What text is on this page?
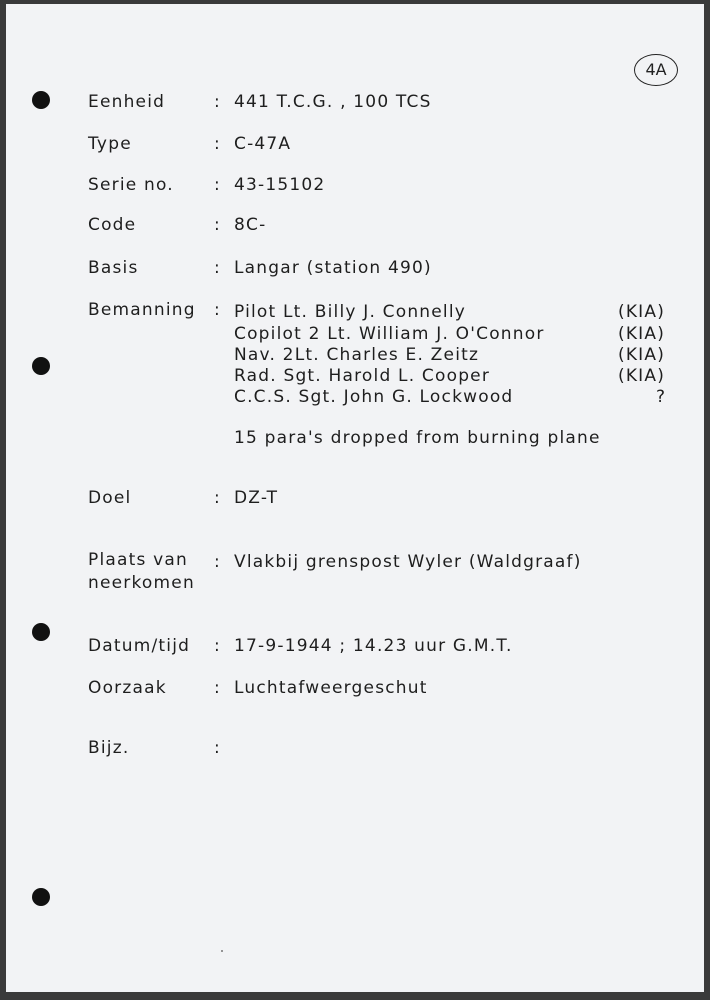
4A
Eenheid	: 441 T.C.G. , 100 TCS
Type	: C-47A
Serie no. : 43-15102
Code	: 8C-
Basis	: Langar (station 490)
Bemanning : Pilot Lt. Billy J. Connelly	(KIA)
Copilot 2 Lt. William J. O'Connor	(KIA)
Nav. 2Lt. Charles E. Zeitz	(KIA)
Rad. Sgt. Harold L. Cooper	(KIA)
C.C.S. Sgt. John G. Lockwood	?
15 para's dropped from burning plane
Doel	: DZ-T
Plaats van
neerkomen
: Vlakbij grenspost Wyler (Waldgraaf)
Datum/tijd : 17-9-1944 ; 14.23 uur G.M.T.
Oorzaak	: Luchtafweergeschut
Bijz.	:
